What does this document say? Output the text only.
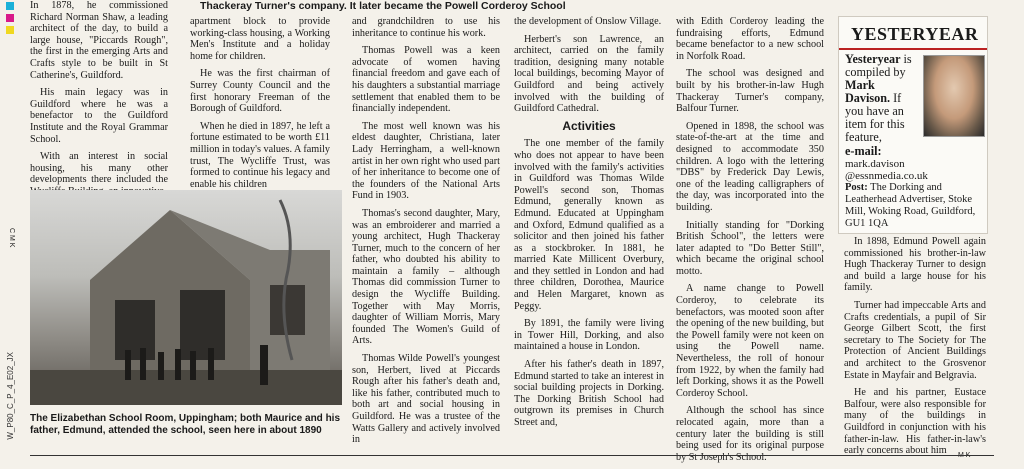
Thackeray Turner's company. It later became the Powell Corderoy School

In 1878, he commissioned Richard Norman Shaw, a leading architect of the day, to build a large house, "Piccards Rough", the first in the emerging Arts and Crafts style to be built in St Catherine's, Guildford.

His main legacy was in Guildford where he was a benefactor to the Guildford Institute and the Royal Grammar School.

With an interest in social housing, his many other developments there included the

apartment block to provide working-class housing, a Working Men's Institute and a holiday home for children.

He was the first chairman of Surrey County Council and the first honorary Freeman of the Borough of Guildford.

When he died in 1897, he left a fortune estimated to be worth £11 million in today's values. A family trust, The Wycliffe Trust, was formed to continue his legacy and enable his children

The Elizabethan School Room, Uppingham; both Maurice and his father, Edmund, attended the school, seen here in about 1890

and grandchildren to use his inheritance to continue his work.

Thomas Powell was a keen advocate of women having financial freedom and gave each of his daughters a substantial marriage settlement that enabled them to be financially independent.

The most well known was his eldest daughter, Christiana, later Lady Herringham, a well-known artist in her own right who used part of her inheritance to become one of the founders of the National Arts Fund in 1903.

Thomas's second daughter, Mary, was an embroiderer and married a young architect, Hugh Thackeray Turner, much to the concern of her father, who doubted his ability to maintain a family – although Thomas did commission Turner to design the Wycliffe Building. Together with May Morris, daughter of William Morris, Mary founded The Women's Guild of Arts.

Thomas Wilde Powell's youngest son, Herbert, lived at Piccards Rough after his father's death and, like his father, contributed much to both art and social housing in Guildford. He was a trustee of the Watts Gallery and actively involved in

the development of Onslow Village.

Herbert's son Lawrence, an architect, carried on the family tradition, designing many notable local buildings, becoming Mayor of Guildford and being actively involved with the building of Guildford Cathedral.

Activities

The one member of the family who does not appear to have been involved with the family's activities in Guildford was Thomas Wilde Powell's second son, Thomas Edmund, generally known as Edmund. Educated at Uppingham and Oxford, Edmund qualified as a solicitor and then joined his father as a stockbroker. In 1881, he married Kate Millicent Overbury, and they settled in London and had three children, Dorothea, Maurice and Helen Margaret, known as Peggy.

By 1891, the family were living in Tower Hill, Dorking, and also maintained a house in London.

After his father's death in 1897, Edmund started to take an interest in social building projects in Dorking. The Dorking British School had outgrown its premises in Church Street and,

with Edith Corderoy leading the fundraising efforts, Edmund became benefactor to a new school in Norfolk Road.

The school was designed and built by his brother-in-law Hugh Thackeray Turner's company, Balfour Turner.

Opened in 1898, the school was state-of-the-art at the time and designed to accommodate 350 children. A logo with the lettering "DBS" by Frederick Day Lewis, one of the leading calligraphers of the day, was incorporated into the building.

Initially standing for "Dorking British School", the letters were later adapted to "Do Better Still", which became the original school motto.

A name change to Powell Corderoy, to celebrate its benefactors, was mooted soon after the opening of the new building, but the Powell family were not keen on using the Powell name. Nevertheless, the roll of honour from 1922, by when the family had left Dorking, shows it as the Powell Corderoy School.

Although the school has since relocated again, more than a century later the building is still being used for its original purpose by St Joseph's School.

YESTERYEAR
Yesteryear is compiled by Mark Davison. If you have an item for this feature,
e-mail:
mark.davison @essnmedia.co.uk
Post: The Dorking and Leatherhead Advertiser, Stoke Mill, Woking Road, Guildford, GU1 1QA

In 1898, Edmund Powell again commissioned his brother-in-law Hugh Thackeray Turner to design and build a large house for his family.

Turner had impeccable Arts and Crafts credentials, a pupil of Sir George Gilbert Scott, the first secretary to The Society for The Protection of Ancient Buildings and architect to the Grosvenor Estate in Mayfair and Belgravia.

He and his partner, Eustace Balfour, were also responsible for many of the buildings in Guildford in conjunction with his father-in-law. His father-in-law's early concerns about him

C M K
W_P80_C_P_4_E02_JX
M K
